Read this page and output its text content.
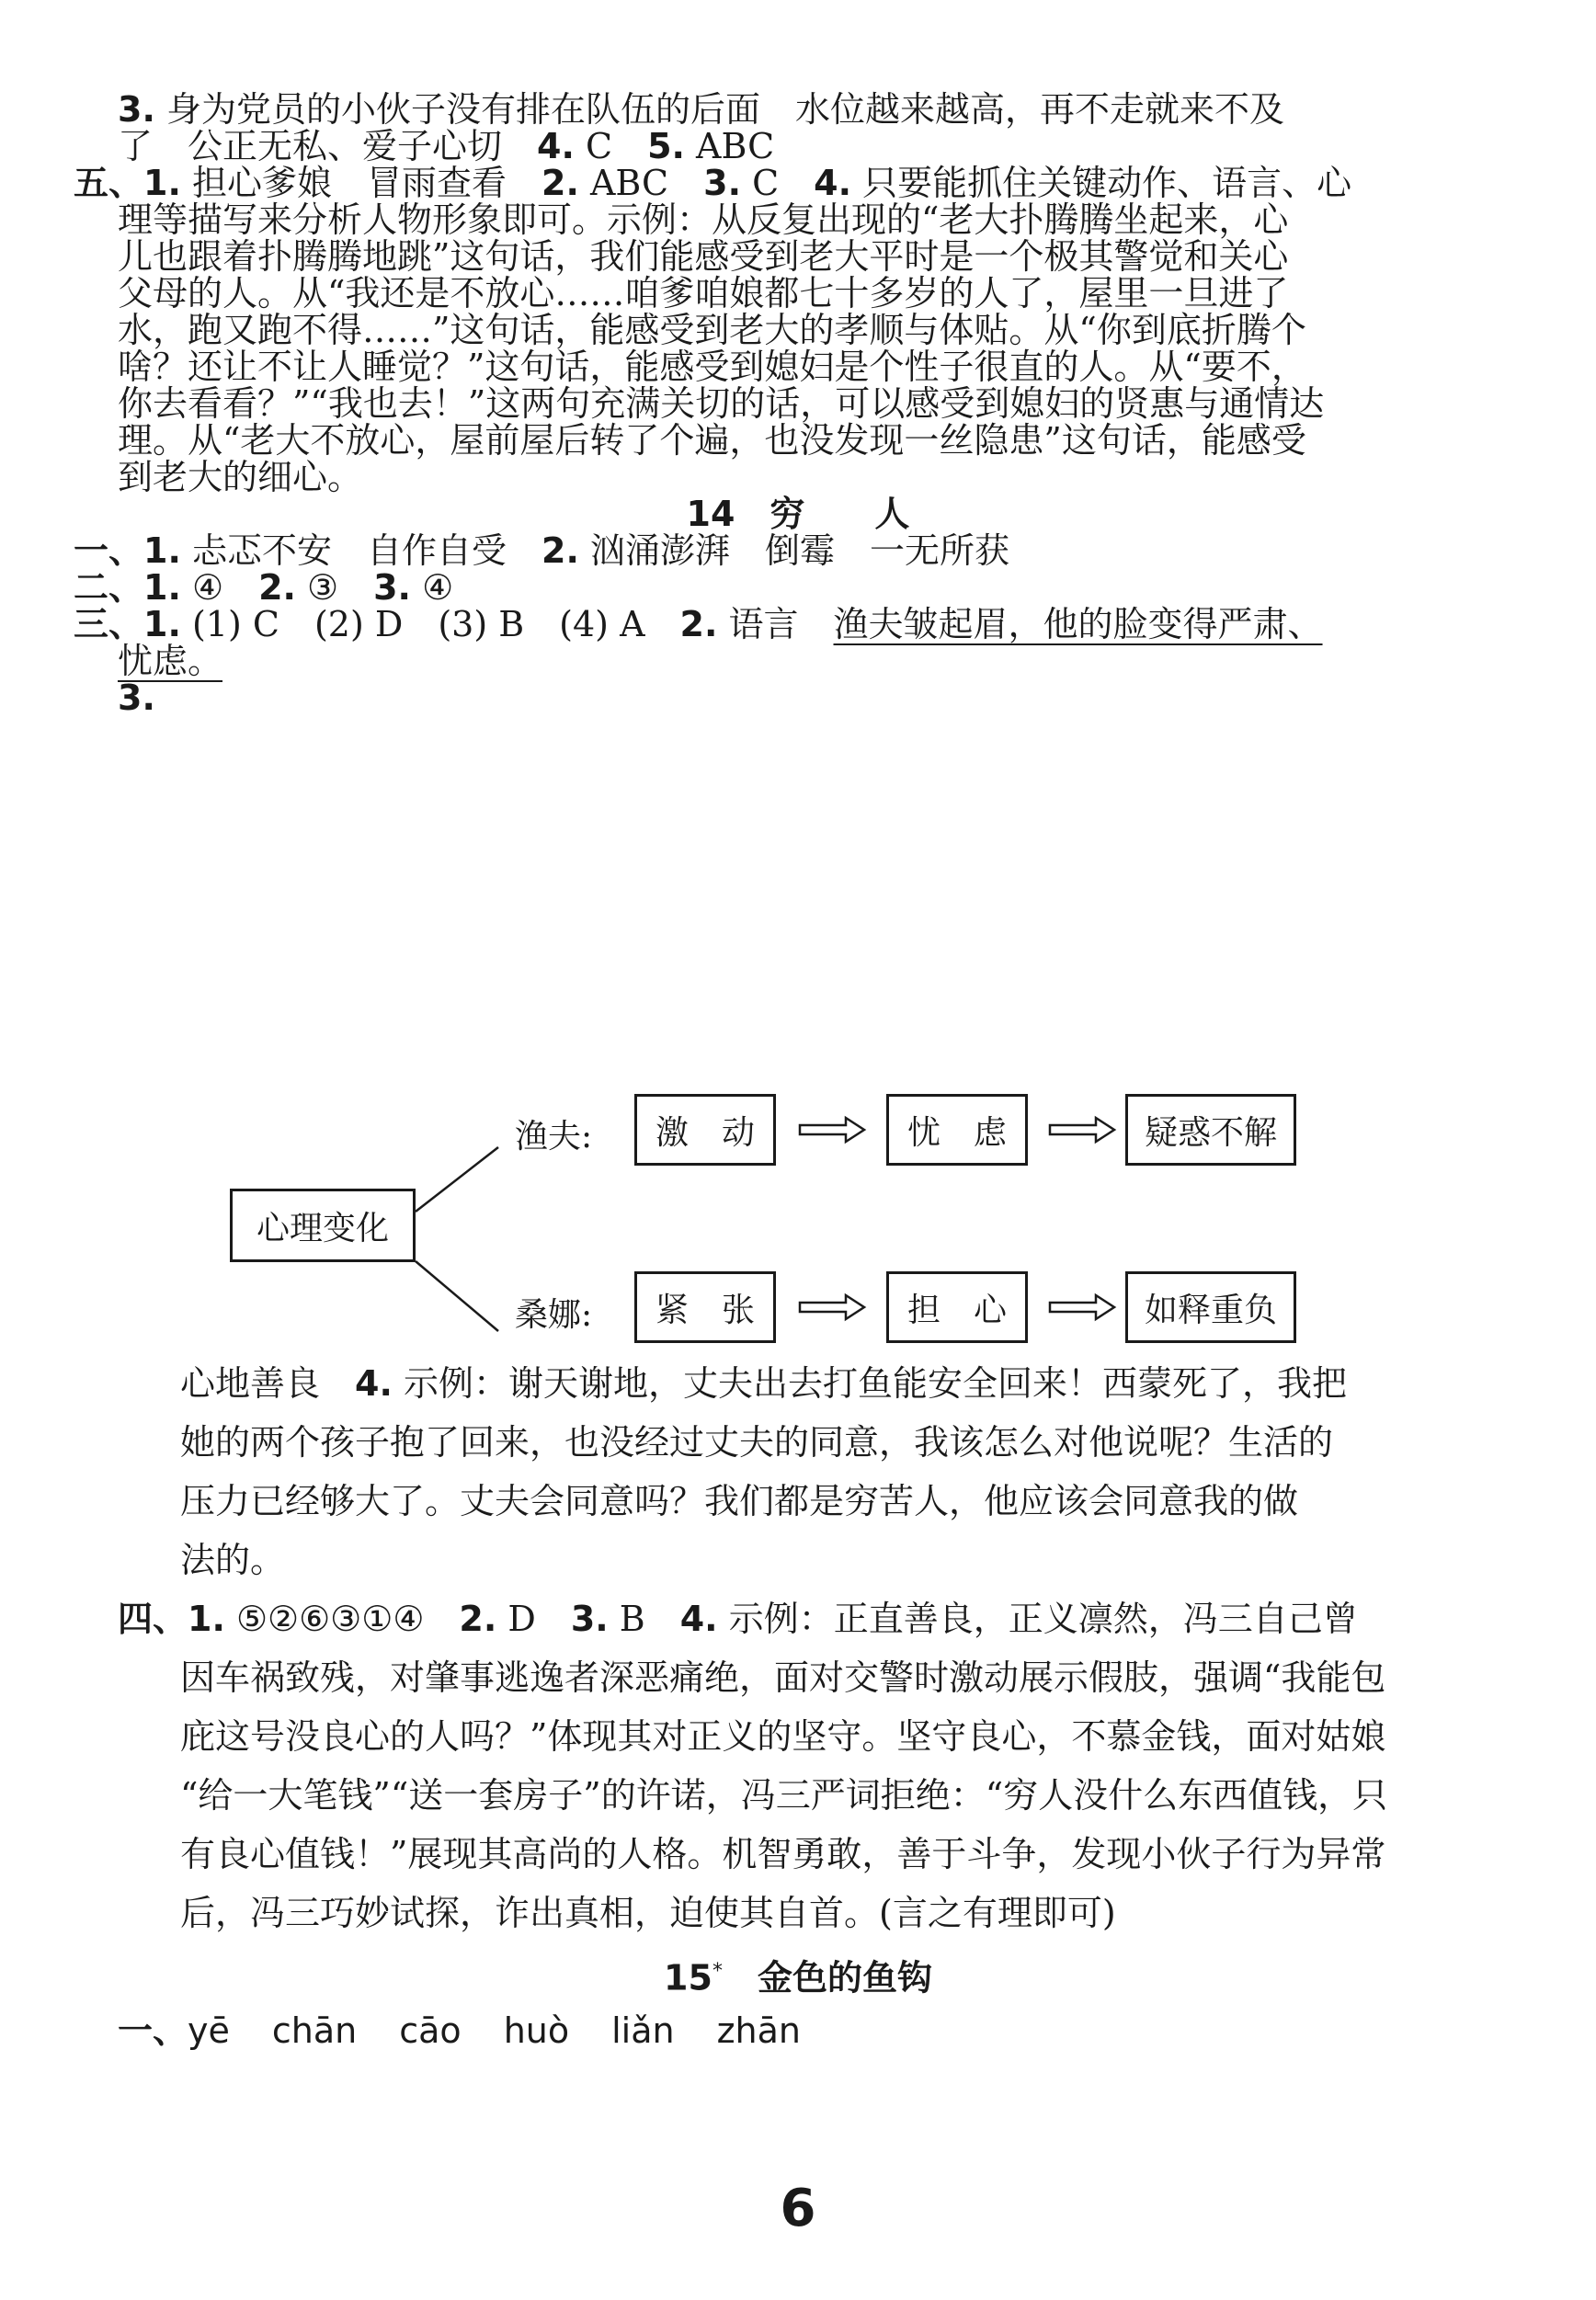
3. 身为党员的小伙子没有排在队伍的后面　水位越来越高，再不走就来不及
了　公正无私、爱子心切　4. C　5. ABC
五、1. 担心爹娘　冒雨查看　2. ABC　3. C　4. 只要能抓住关键动作、语言、心
理等描写来分析人物形象即可。示例：从反复出现的“老大扑腾腾坐起来，心
儿也跟着扑腾腾地跳”这句话，我们能感受到老大平时是一个极其警觉和关心
父母的人。从“我还是不放心……咱爹咱娘都七十多岁的人了，屋里一旦进了
水，跑又跑不得……”这句话，能感受到老大的孝顺与体贴。从“你到底折腾个
啥？还让不让人睡觉？”这句话，能感受到媳妇是个性子很直的人。从“要不，
你去看看？”“我也去！”这两句充满关切的话，可以感受到媳妇的贤惠与通情达
理。从“老大不放心，屋前屋后转了个遍，也没发现一丝隐患”这句话，能感受
到老大的细心。
14　穷　　人
一、1. 忐忑不安　自作自受　2. 汹涌澎湃　倒霉　一无所获
二、1. ④　2. ③　3. ④
三、1. (1) C　(2) D　(3) B　(4) A　2. 语言　渔夫皱起眉，他的脸变得严肃、
忧虑。
3.
心理变化
渔夫:
桑娜:
激　动	忧　虑	疑惑不解
紧　张	担　心	如释重负
心地善良　4. 示例：谢天谢地，丈夫出去打鱼能安全回来！西蒙死了，我把
她的两个孩子抱了回来，也没经过丈夫的同意，我该怎么对他说呢？生活的
压力已经够大了。丈夫会同意吗？我们都是穷苦人，他应该会同意我的做
法的。
四、1. ⑤②⑥③①④　2. D　3. B　4. 示例：正直善良，正义凛然，冯三自己曾
因车祸致残，对肇事逃逸者深恶痛绝，面对交警时激动展示假肢，强调“我能包
庇这号没良心的人吗？”体现其对正义的坚守。坚守良心，不慕金钱，面对姑娘
“给一大笔钱”“送一套房子”的许诺，冯三严词拒绝：“穷人没什么东西值钱，只
有良心值钱！”展现其高尚的人格。机智勇敢，善于斗争，发现小伙子行为异常
后，冯三巧妙试探，诈出真相，迫使其自首。(言之有理即可)
15*　金色的鱼钩
一、yē chān cāo huò liǎn zhān
6
